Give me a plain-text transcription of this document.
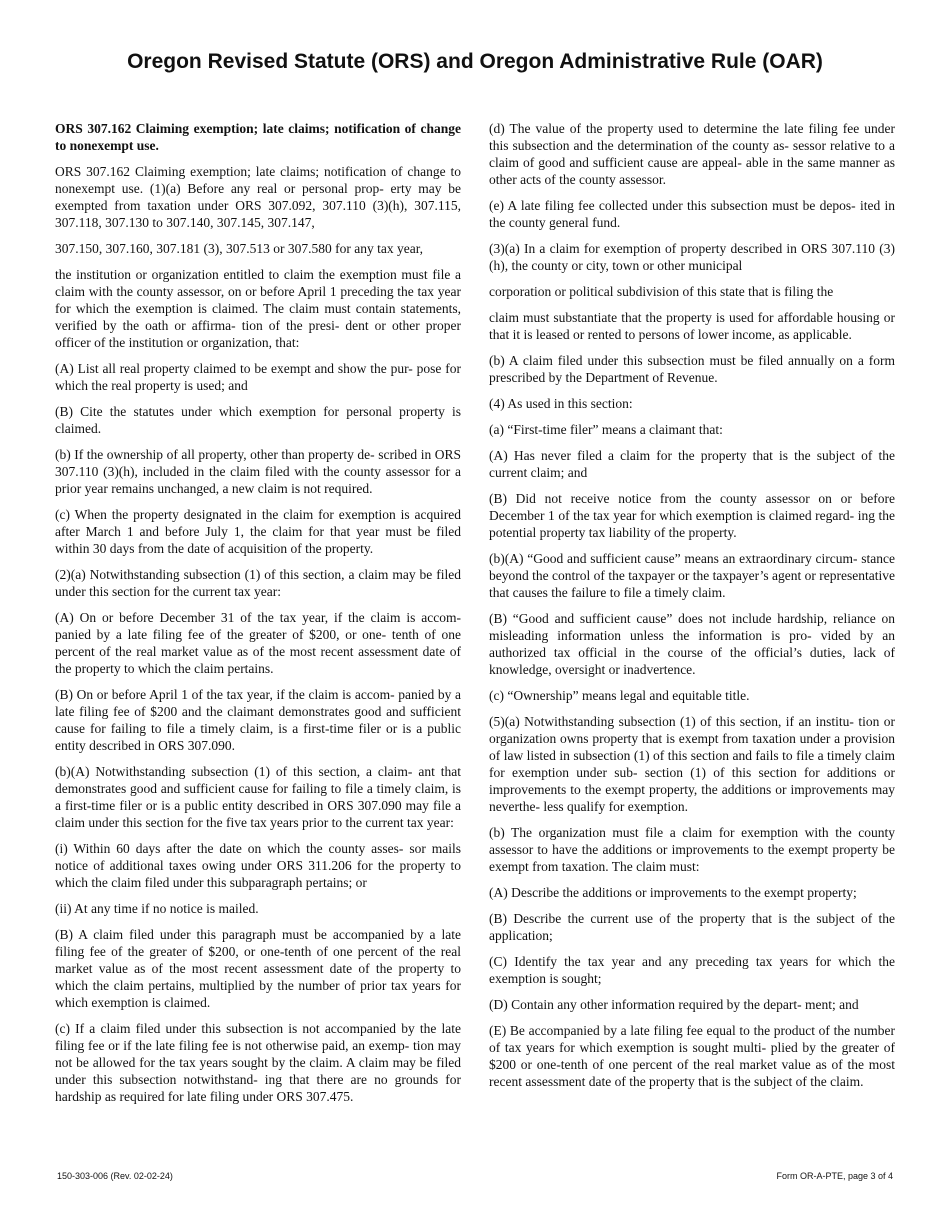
Oregon Revised Statute (ORS) and Oregon Administrative Rule (OAR)

ORS 307.162 Claiming exemption; late claims; notification of change to nonexempt use.

ORS 307.162 Claiming exemption; late claims; notification of change to nonexempt use. (1)(a) Before any real or personal prop- erty may be exempted from taxation under ORS 307.092, 307.110 (3)(h), 307.115, 307.118, 307.130 to 307.140, 307.145, 307.147,

307.150, 307.160, 307.181 (3), 307.513 or 307.580 for any tax year,

the institution or organization entitled to claim the exemption must file a claim with the county assessor, on or before April 1 preceding the tax year for which the exemption is claimed. The claim must contain statements, verified by the oath or affirma- tion of the presi- dent or other proper officer of the institution or organization, that:

(A) List all real property claimed to be exempt and show the pur- pose for which the real property is used; and

(B) Cite the statutes under which exemption for personal property is claimed.

(b) If the ownership of all property, other than property de- scribed in ORS 307.110 (3)(h), included in the claim filed with the county assessor for a prior year remains unchanged, a new claim is not required.

(c) When the property designated in the claim for exemption is acquired after March 1 and before July 1, the claim for that year must be filed within 30 days from the date of acquisition of the property.

(2)(a) Notwithstanding subsection (1) of this section, a claim may be filed under this section for the current tax year:

(A) On or before December 31 of the tax year, if the claim is accom- panied by a late filing fee of the greater of $200, or one- tenth of one percent of the real market value as of the most recent assessment date of the property to which the claim pertains.

(B) On or before April 1 of the tax year, if the claim is accom- panied by a late filing fee of $200 and the claimant demonstrates good and sufficient cause for failing to file a timely claim, is a first-time filer or is a public entity described in ORS 307.090.

(b)(A) Notwithstanding subsection (1) of this section, a claim- ant that demonstrates good and sufficient cause for failing to file a timely claim, is a first-time filer or is a public entity described in ORS 307.090 may file a claim under this section for the five tax years prior to the current tax year:

(i) Within 60 days after the date on which the county asses- sor mails notice of additional taxes owing under ORS 311.206 for the property to which the claim filed under this subparagraph pertains; or

(ii) At any time if no notice is mailed.

(B) A claim filed under this paragraph must be accompanied by a late filing fee of the greater of $200, or one-tenth of one percent of the real market value as of the most recent assessment date of the property to which the claim pertains, multiplied by the number of prior tax years for which exemption is claimed.

(c) If a claim filed under this subsection is not accompanied by the late filing fee or if the late filing fee is not otherwise paid, an exemp- tion may not be allowed for the tax years sought by the claim. A claim may be filed under this subsection notwithstand- ing that there are no grounds for hardship as required for late filing under ORS 307.475.

(d) The value of the property used to determine the late filing fee under this subsection and the determination of the county as- sessor relative to a claim of good and sufficient cause are appeal- able in the same manner as other acts of the county assessor.

(e) A late filing fee collected under this subsection must be depos- ited in the county general fund.

(3)(a) In a claim for exemption of property described in ORS 307.110 (3)(h), the county or city, town or other municipal

corporation or political subdivision of this state that is filing the

claim must substantiate that the property is used for affordable housing or that it is leased or rented to persons of lower income, as applicable.

(b) A claim filed under this subsection must be filed annually on a form prescribed by the Department of Revenue.

(4) As used in this section:

(a) “First-time filer” means a claimant that:

(A) Has never filed a claim for the property that is the subject of the current claim; and

(B) Did not receive notice from the county assessor on or before December 1 of the tax year for which exemption is claimed regard- ing the potential property tax liability of the property.

(b)(A) “Good and sufficient cause” means an extraordinary circum- stance beyond the control of the taxpayer or the taxpayer’s agent or representative that causes the failure to file a timely claim.

(B) “Good and sufficient cause” does not include hardship, reliance on misleading information unless the information is pro- vided by an authorized tax official in the course of the official’s duties, lack of knowledge, oversight or inadvertence.

(c) “Ownership” means legal and equitable title.

(5)(a) Notwithstanding subsection (1) of this section, if an institu- tion or organization owns property that is exempt from taxation under a provision of law listed in subsection (1) of this section and fails to file a timely claim for exemption under sub- section (1) of this section for additions or improvements to the exempt property, the additions or improvements may neverthe- less qualify for exemption.

(b) The organization must file a claim for exemption with the county assessor to have the additions or improvements to the exempt property be exempt from taxation. The claim must:

(A) Describe the additions or improvements to the exempt property;

(B) Describe the current use of the property that is the subject of the application;

(C) Identify the tax year and any preceding tax years for which the exemption is sought;

(D) Contain any other information required by the depart- ment; and

(E) Be accompanied by a late filing fee equal to the product of the number of tax years for which exemption is sought multi- plied by the greater of $200 or one-tenth of one percent of the real market value as of the most recent assessment date of the property that is the subject of the claim.

150-303-006 (Rev. 02-02-24)	Form OR-A-PTE, page 3 of 4
